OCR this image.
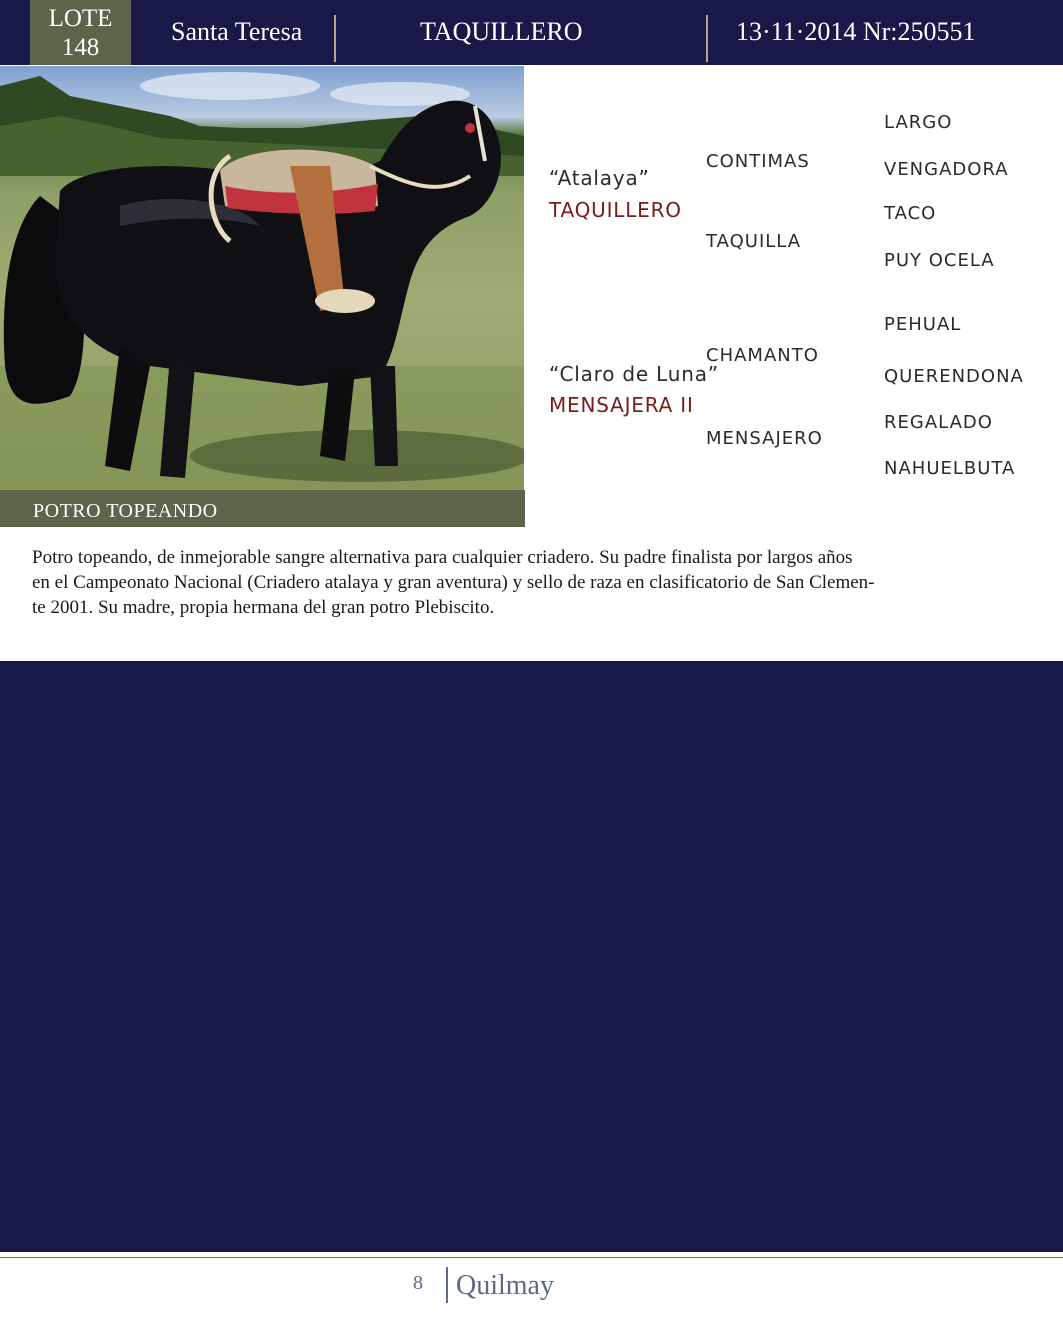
LOTE
148
Santa Teresa	TAQUILLERO	13·11·2014 Nr:250551
POTRO TOPEANDO
“Atalaya”
TAQUILLERO
CONTIMAS
TAQUILLA
LARGO
VENGADORA
TACO
PUY OCELA
“Claro de Luna”
MENSAJERA II
CHAMANTO
MENSAJERO
PEHUAL
QUERENDONA
REGALADO
NAHUELBUTA
Potro topeando, de inmejorable sangre alternativa para cualquier criadero. Su padre finalista por largos años
en el Campeonato Nacional (Criadero atalaya y gran aventura) y sello de raza en clasificatorio de San Clemen-
te 2001. Su madre, propia hermana del gran potro Plebiscito.
8 Quilmay
